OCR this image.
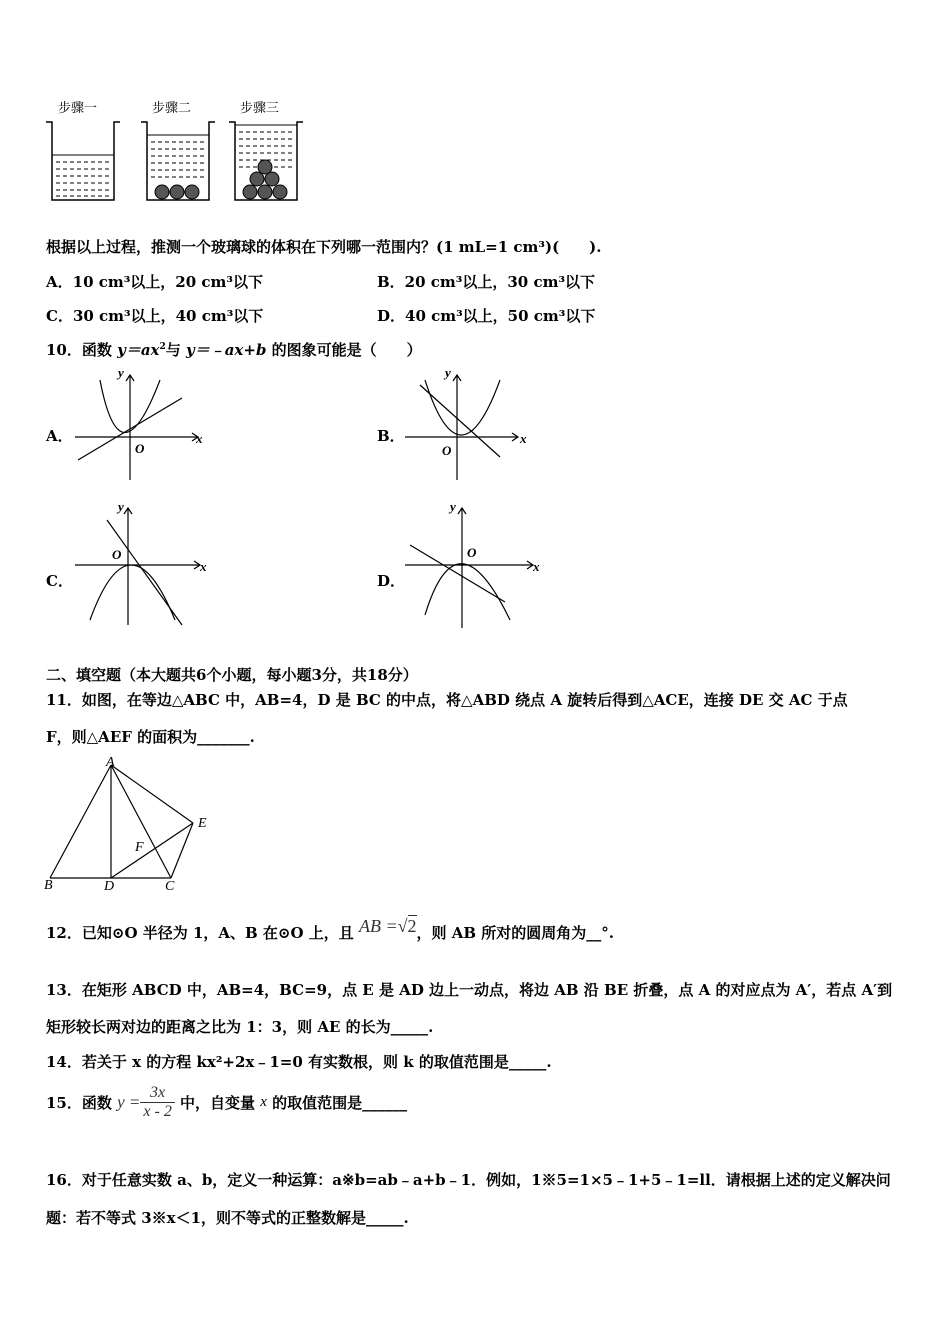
步骤一	步骤二	步骤三
根据以上过程，推测一个玻璃球的体积在下列哪一范围内？(1 mL=1 cm³)(　　).
A．10 cm³以上，20 cm³以下	B．20 cm³以上，30 cm³以下
C．30 cm³以上，40 cm³以下	D．40 cm³以上，50 cm³以下
10．函数 $y=ax^2$与 y＝﹣ax+b 的图象可能是（　　）
A．	B．
C．	D．
y
x
O
y
x
O
y
x
O
y
x
O
二、填空题（本大题共6个小题，每小题3分，共18分）
11．如图，在等边△ABC 中，AB=4，D 是 BC 的中点，将△ABD 绕点 A 旋转后得到△ACE，连接 DE 交 AC 于点
F，则△AEF 的面积为_______.
A
B	D	C
E
F
12．已知⊙O 半径为 1，A、B 在⊙O 上，且 AB =√2，则 AB 所对的圆周角为__°.
13．在矩形 ABCD 中，AB=4，BC=9，点 E 是 AD 边上一动点，将边 AB 沿 BE 折叠，点 A 的对应点为 A′，若点 A′到
矩形较长两对边的距离之比为 1：3，则 AE 的长为_____.
14．若关于 x 的方程 kx²+2x﹣1=0 有实数根，则 k 的取值范围是_____.
15．函数 $y = \frac{3x}{x - 2}$ 中，自变量 x 的取值范围是______
16．对于任意实数 a、b，定义一种运算：a※b=ab﹣a+b﹣1．例如，1※5=1×5﹣1+5﹣1=ll．请根据上述的定义解决问
题：若不等式 3※x＜1，则不等式的正整数解是_____.
